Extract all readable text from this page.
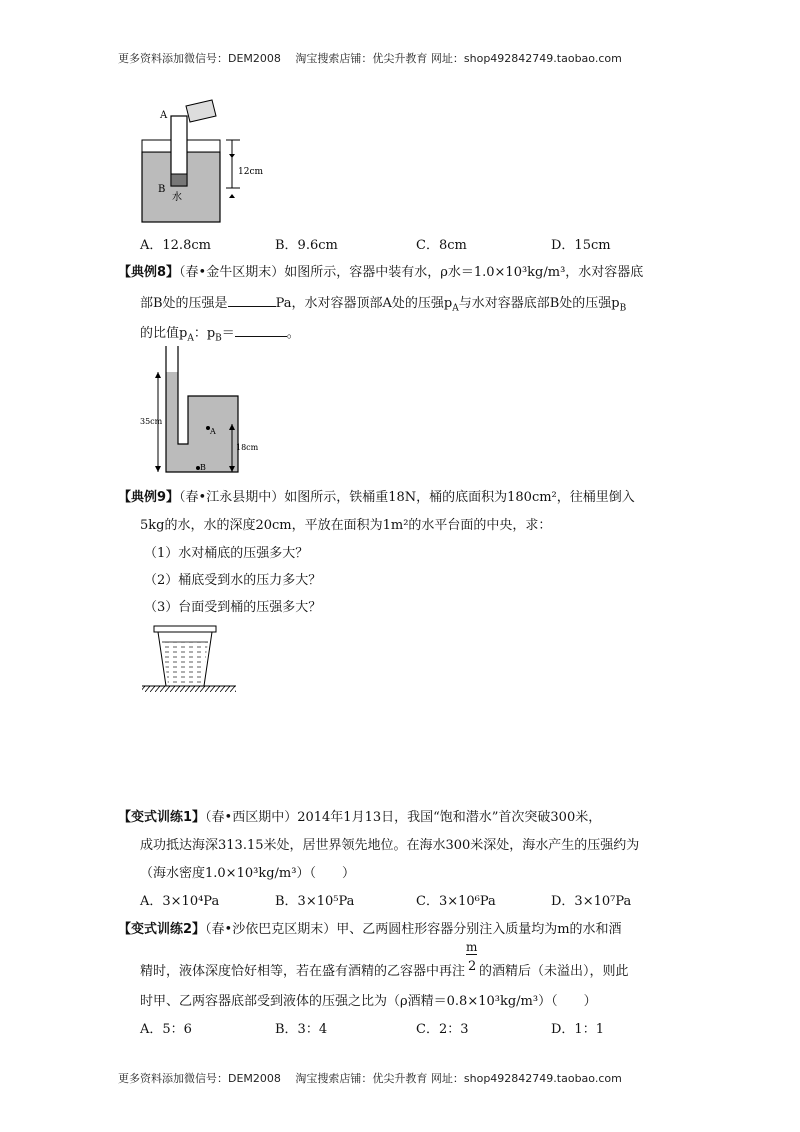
更多资料添加微信号：DEM2008　 淘宝搜索店铺：优尖升教育 网址：shop492842749.taobao.com
A
B
水
12cm
A．12.8cm	B．9.6cm	C．8cm	D．15cm
【典例8】（春•金牛区期末）如图所示，容器中装有水，ρ水＝1.0×10³kg/m³，水对容器底
部B处的压强是	Pa，水对容器顶部A处的压强$p_A$与水对容器底部B处的压强$p_B$
的比值$p_A$：$p_B=$	。
35cm
18cm
A
B
【典例9】（春•江永县期中）如图所示，铁桶重18N，桶的底面积为180cm²，往桶里倒入
5kg的水，水的深度20cm，平放在面积为1m²的水平台面的中央，求：
（1）水对桶底的压强多大？
（2）桶底受到水的压力多大？
（3）台面受到桶的压强多大？
【变式训练1】（春•西区期中）2014年1月13日，我国“饱和潜水”首次突破300米，
成功抵达海深313.15米处，居世界领先地位。在海水300米深处，海水产生的压强约为
（海水密度1.0×10³kg/m³）（　　）
A．3×10⁴Pa	B．3×10⁵Pa	C．3×10⁶Pa	D．3×10⁷Pa
【变式训练2】（春•沙依巴克区期末）甲、乙两圆柱形容器分别注入质量均为m的水和酒
精时，液体深度恰好相等，若在盛有酒精的乙容器中再注 $\frac{m}{2}$ 的酒精后（未溢出），则此
时甲、乙两容器底部受到液体的压强之比为（ρ酒精＝0.8×10³kg/m³）（　　）
A．5：6	B．3：4	C．2：3	D．1：1
更多资料添加微信号：DEM2008　 淘宝搜索店铺：优尖升教育 网址：shop492842749.taobao.com
